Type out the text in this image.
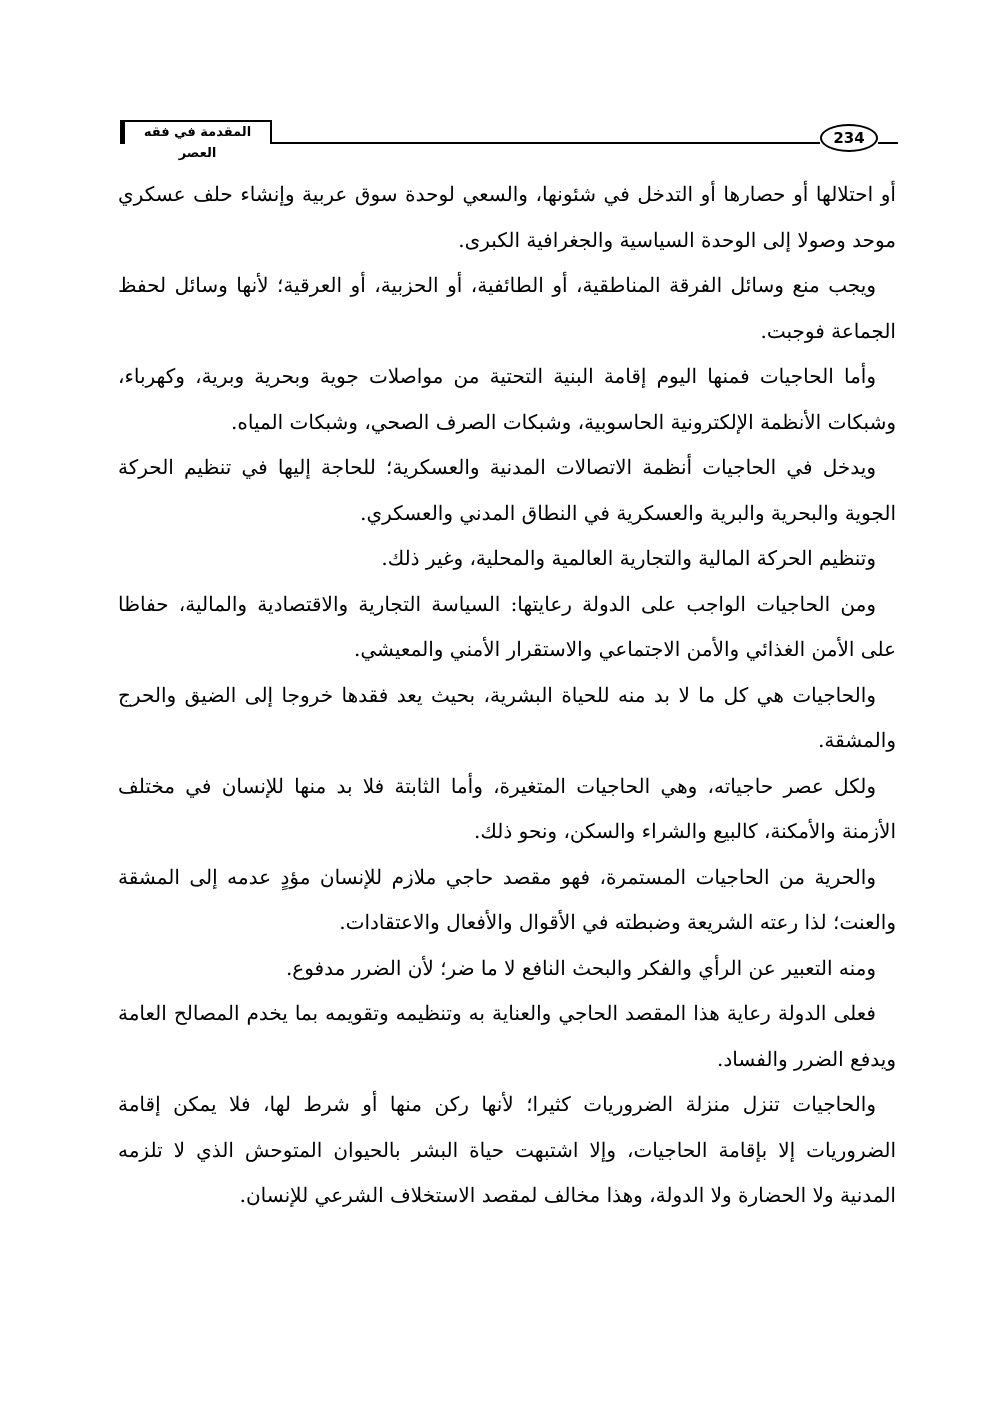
المقدمة في فقه العصر
234

أو احتلالها أو حصارها أو التدخل في شئونها، والسعي لوحدة سوق عربية وإنشاء حلف عسكري موحد وصولا إلى الوحدة السياسية والجغرافية الكبرى.

ويجب منع وسائل الفرقة المناطقية، أو الطائفية، أو الحزبية، أو العرقية؛ لأنها وسائل لحفظ الجماعة فوجبت.

وأما الحاجيات فمنها اليوم إقامة البنية التحتية من مواصلات جوية وبحرية وبرية، وكهرباء، وشبكات الأنظمة الإلكترونية الحاسوبية، وشبكات الصرف الصحي، وشبكات المياه.

ويدخل في الحاجيات أنظمة الاتصالات المدنية والعسكرية؛ للحاجة إليها في تنظيم الحركة الجوية والبحرية والبرية والعسكرية في النطاق المدني والعسكري.

وتنظيم الحركة المالية والتجارية العالمية والمحلية، وغير ذلك.

ومن الحاجيات الواجب على الدولة رعايتها: السياسة التجارية والاقتصادية والمالية، حفاظا على الأمن الغذائي والأمن الاجتماعي والاستقرار الأمني والمعيشي.

والحاجيات هي كل ما لا بد منه للحياة البشرية، بحيث يعد فقدها خروجا إلى الضيق والحرج والمشقة.

ولكل عصر حاجياته، وهي الحاجيات المتغيرة، وأما الثابتة فلا بد منها للإنسان في مختلف الأزمنة والأمكنة، كالبيع والشراء والسكن، ونحو ذلك.

والحرية من الحاجيات المستمرة، فهو مقصد حاجي ملازم للإنسان مؤدٍ عدمه إلى المشقة والعنت؛ لذا رعته الشريعة وضبطته في الأقوال والأفعال والاعتقادات.

ومنه التعبير عن الرأي والفكر والبحث النافع لا ما ضر؛ لأن الضرر مدفوع.

فعلى الدولة رعاية هذا المقصد الحاجي والعناية به وتنظيمه وتقويمه بما يخدم المصالح العامة ويدفع الضرر والفساد.

والحاجيات تنزل منزلة الضروريات كثيرا؛ لأنها ركن منها أو شرط لها، فلا يمكن إقامة الضروريات إلا بإقامة الحاجيات، وإلا اشتبهت حياة البشر بالحيوان المتوحش الذي لا تلزمه المدنية ولا الحضارة ولا الدولة، وهذا مخالف لمقصد الاستخلاف الشرعي للإنسان.
